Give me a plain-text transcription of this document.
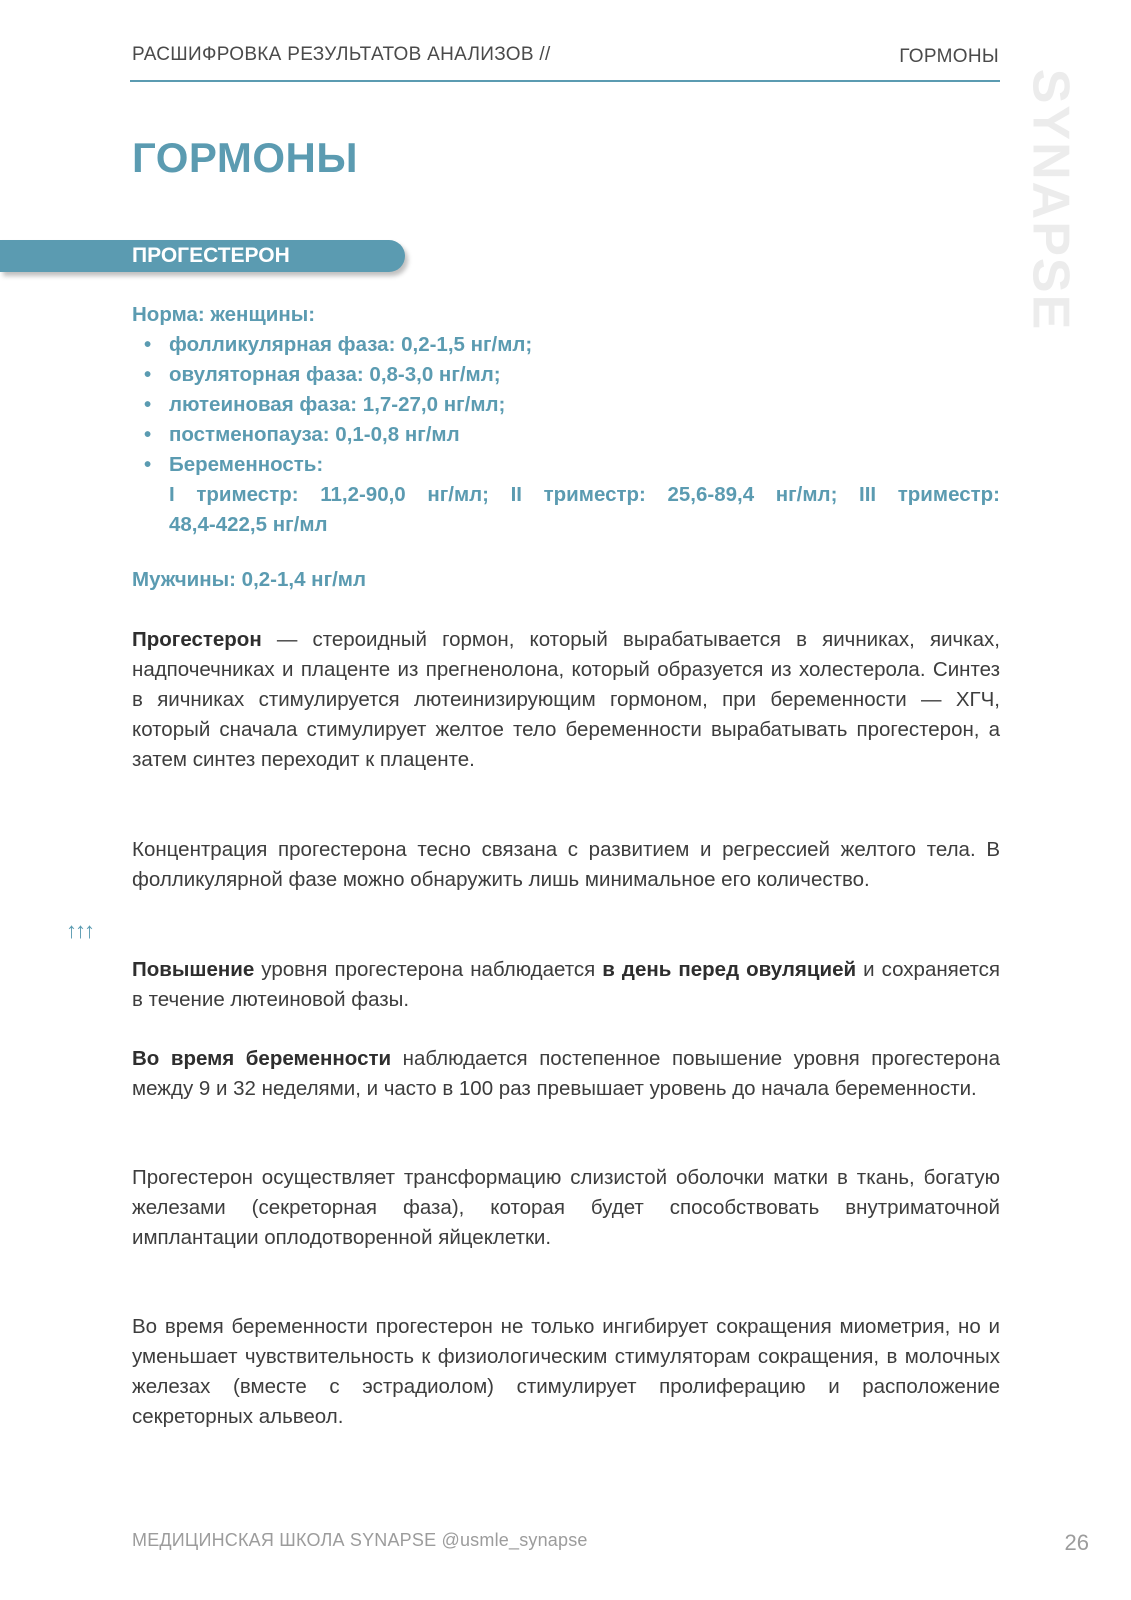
РАСШИФРОВКА РЕЗУЛЬТАТОВ АНАЛИЗОВ //	ГОРМОНЫ
SYNAPSE
ГОРМОНЫ
ПРОГЕСТЕРОН
Норма: женщины:
• фолликулярная фаза: 0,2-1,5 нг/мл;
• овуляторная фаза: 0,8-3,0 нг/мл;
• лютеиновая фаза: 1,7-27,0 нг/мл;
• постменопауза: 0,1-0,8 нг/мл
• Беременность:
I триместр: 11,2-90,0 нг/мл; II триместр: 25,6-89,4 нг/мл; III триместр:
48,4-422,5 нг/мл
Мужчины: 0,2-1,4 нг/мл
Прогестерон — стероидный гормон, который вырабатывается в яичниках, яичках, надпочечниках и плаценте из прегненолона, который образуется из холестерола. Синтез в яичниках стимулируется лютеинизирующим гормоном, при беременности — ХГЧ, который сначала стимулирует желтое тело беременности вырабатывать прогестерон, а затем синтез переходит к плаценте.
Концентрация прогестерона тесно связана с развитием и регрессией желтого тела. В фолликулярной фазе можно обнаружить лишь минимальное его количество.
↑↑↑
Повышение уровня прогестерона наблюдается в день перед овуляцией и сохраняется в течение лютеиновой фазы.
Во время беременности наблюдается постепенное повышение уровня прогестерона между 9 и 32 неделями, и часто в 100 раз превышает уровень до начала беременности.
Прогестерон осуществляет трансформацию слизистой оболочки матки в ткань, богатую железами (секреторная фаза), которая будет способствовать внутриматочной имплантации оплодотворенной яйцеклетки.
Во время беременности прогестерон не только ингибирует сокращения миометрия, но и уменьшает чувствительность к физиологическим стимуляторам сокращения, в молочных железах (вместе с эстрадиолом) стимулирует пролиферацию и расположение секреторных альвеол.
МЕДИЦИНСКАЯ ШКОЛА SYNAPSE @usmle_synapse	26
